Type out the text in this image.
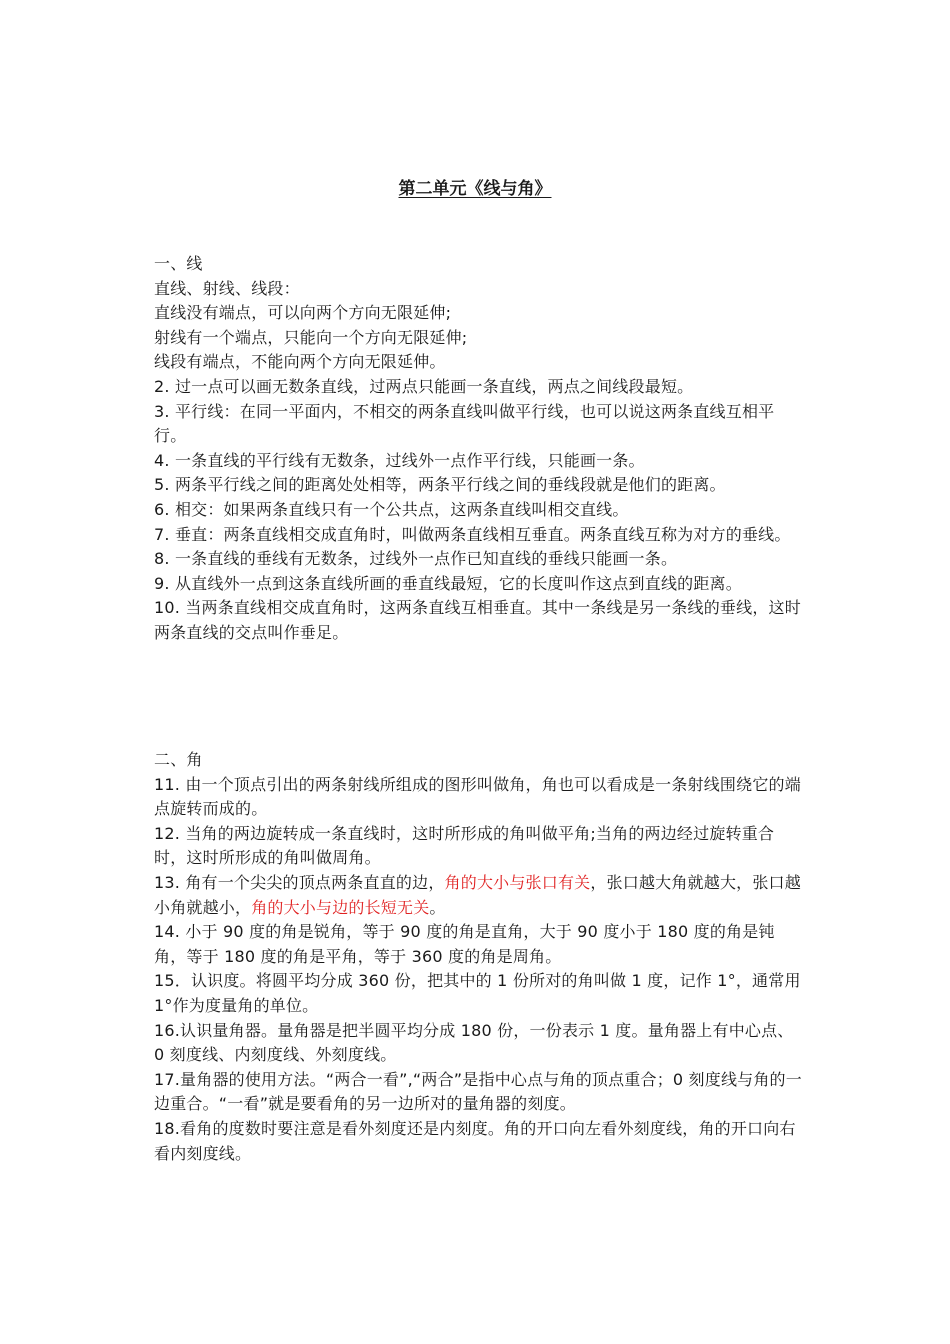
第二单元《线与角》

一、线

直线、射线、线段：

直线没有端点，可以向两个方向无限延伸;

射线有一个端点，只能向一个方向无限延伸;

线段有端点，不能向两个方向无限延伸。

2. 过一点可以画无数条直线，过两点只能画一条直线，两点之间线段最短。

3. 平行线：在同一平面内，不相交的两条直线叫做平行线，也可以说这两条直线互相平行。

4. 一条直线的平行线有无数条，过线外一点作平行线，只能画一条。

5. 两条平行线之间的距离处处相等，两条平行线之间的垂线段就是他们的距离。

6. 相交：如果两条直线只有一个公共点，这两条直线叫相交直线。

7. 垂直：两条直线相交成直角时，叫做两条直线相互垂直。两条直线互称为对方的垂线。

8. 一条直线的垂线有无数条，过线外一点作已知直线的垂线只能画一条。

9. 从直线外一点到这条直线所画的垂直线最短，它的长度叫作这点到直线的距离。

10. 当两条直线相交成直角时，这两条直线互相垂直。其中一条线是另一条线的垂线，这时两条直线的交点叫作垂足。

二、角

11. 由一个顶点引出的两条射线所组成的图形叫做角，角也可以看成是一条射线围绕它的端点旋转而成的。

12. 当角的两边旋转成一条直线时，这时所形成的角叫做平角;当角的两边经过旋转重合时，这时所形成的角叫做周角。

13. 角有一个尖尖的顶点两条直直的边，角的大小与张口有关，张口越大角就越大，张口越小角就越小，角的大小与边的长短无关。

14. 小于 90 度的角是锐角，等于 90 度的角是直角，大于 90 度小于 180 度的角是钝角，等于 180 度的角是平角，等于 360 度的角是周角。

15．认识度。将圆平均分成 360 份，把其中的 1 份所对的角叫做 1 度，记作 1°，通常用 1°作为度量角的单位。

16.认识量角器。量角器是把半圆平均分成 180 份，一份表示 1 度。量角器上有中心点、0 刻度线、内刻度线、外刻度线。

17.量角器的使用方法。“两合一看”,“两合”是指中心点与角的顶点重合；0 刻度线与角的一边重合。“一看”就是要看角的另一边所对的量角器的刻度。

18.看角的度数时要注意是看外刻度还是内刻度。角的开口向左看外刻度线，角的开口向右看内刻度线。
